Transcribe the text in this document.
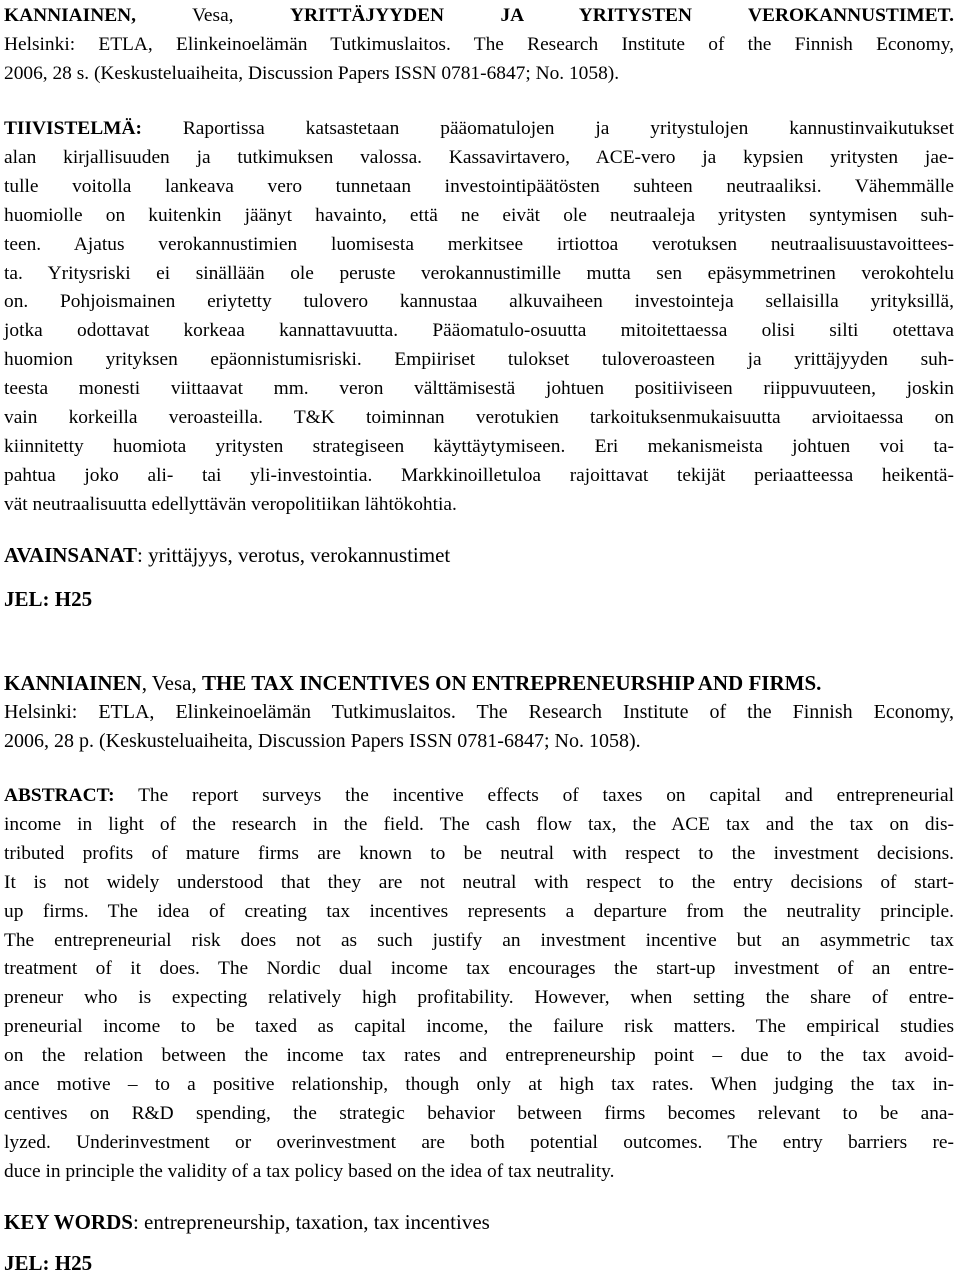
KANNIAINEN, Vesa, YRITTÄJYYDEN JA YRITYSTEN VEROKANNUSTIMET.

Helsinki: ETLA, Elinkeinoelämän Tutkimuslaitos. The Research Institute of the Finnish Economy,

2006, 28 s. (Keskusteluaiheita, Discussion Papers ISSN 0781-6847; No. 1058).

TIIVISTELMÄ: Raportissa katsastetaan pääomatulojen ja yritystulojen kannustinvaikutukset

alan kirjallisuuden ja tutkimuksen valossa. Kassavirtavero, ACE-vero ja kypsien yritysten jae-

tulle voitolla lankeava vero tunnetaan investointipäätösten suhteen neutraaliksi. Vähemmälle

huomiolle on kuitenkin jäänyt havainto, että ne eivät ole neutraaleja yritysten syntymisen suh-

teen. Ajatus verokannustimien luomisesta merkitsee irtiottoa verotuksen neutraalisuustavoittees-

ta. Yritysriski ei sinällään ole peruste verokannustimille mutta sen epäsymmetrinen verokohtelu

on. Pohjoismainen eriytetty tulovero kannustaa alkuvaiheen investointeja sellaisilla yrityksillä,

jotka odottavat korkeaa kannattavuutta. Pääomatulo-osuutta mitoitettaessa olisi silti otettava

huomion yrityksen epäonnistumisriski. Empiiriset tulokset tuloveroasteen ja yrittäjyyden suh-

teesta monesti viittaavat mm. veron välttämisestä johtuen positiiviseen riippuvuuteen, joskin

vain korkeilla veroasteilla. T&K toiminnan verotukien tarkoituksenmukaisuutta arvioitaessa on

kiinnitetty huomiota yritysten strategiseen käyttäytymiseen. Eri mekanismeista johtuen voi ta-

pahtua joko ali- tai yli-investointia. Markkinoilletuloa rajoittavat tekijät periaatteessa heikentä-

vät neutraalisuutta edellyttävän veropolitiikan lähtökohtia.

AVAINSANAT: yrittäjyys, verotus, verokannustimet

JEL: H25

KANNIAINEN, Vesa, THE TAX INCENTIVES ON ENTREPRENEURSHIP AND FIRMS.

Helsinki: ETLA, Elinkeinoelämän Tutkimuslaitos. The Research Institute of the Finnish Economy,

2006, 28 p. (Keskusteluaiheita, Discussion Papers ISSN 0781-6847; No. 1058).

ABSTRACT: The report surveys the incentive effects of taxes on capital and entrepreneurial

income in light of the research in the field. The cash flow tax, the ACE tax and the tax on dis-

tributed profits of mature firms are known to be neutral with respect to the investment decisions.

It is not widely understood that they are not neutral with respect to the entry decisions of start-

up firms. The idea of creating tax incentives represents a departure from the neutrality principle.

The entrepreneurial risk does not as such justify an investment incentive but an asymmetric tax

treatment of it does. The Nordic dual income tax encourages the start-up investment of an entre-

preneur who is expecting relatively high profitability. However, when setting the share of entre-

preneurial income to be taxed as capital income, the failure risk matters. The empirical studies

on the relation between the income tax rates and entrepreneurship point – due to the tax avoid-

ance motive – to a positive relationship, though only at high tax rates. When judging the tax in-

centives on R&D spending, the strategic behavior between firms becomes relevant to be ana-

lyzed. Underinvestment or overinvestment are both potential outcomes. The entry barriers re-

duce in principle the validity of a tax policy based on the idea of tax neutrality.

KEY WORDS: entrepreneurship, taxation, tax incentives

JEL: H25
